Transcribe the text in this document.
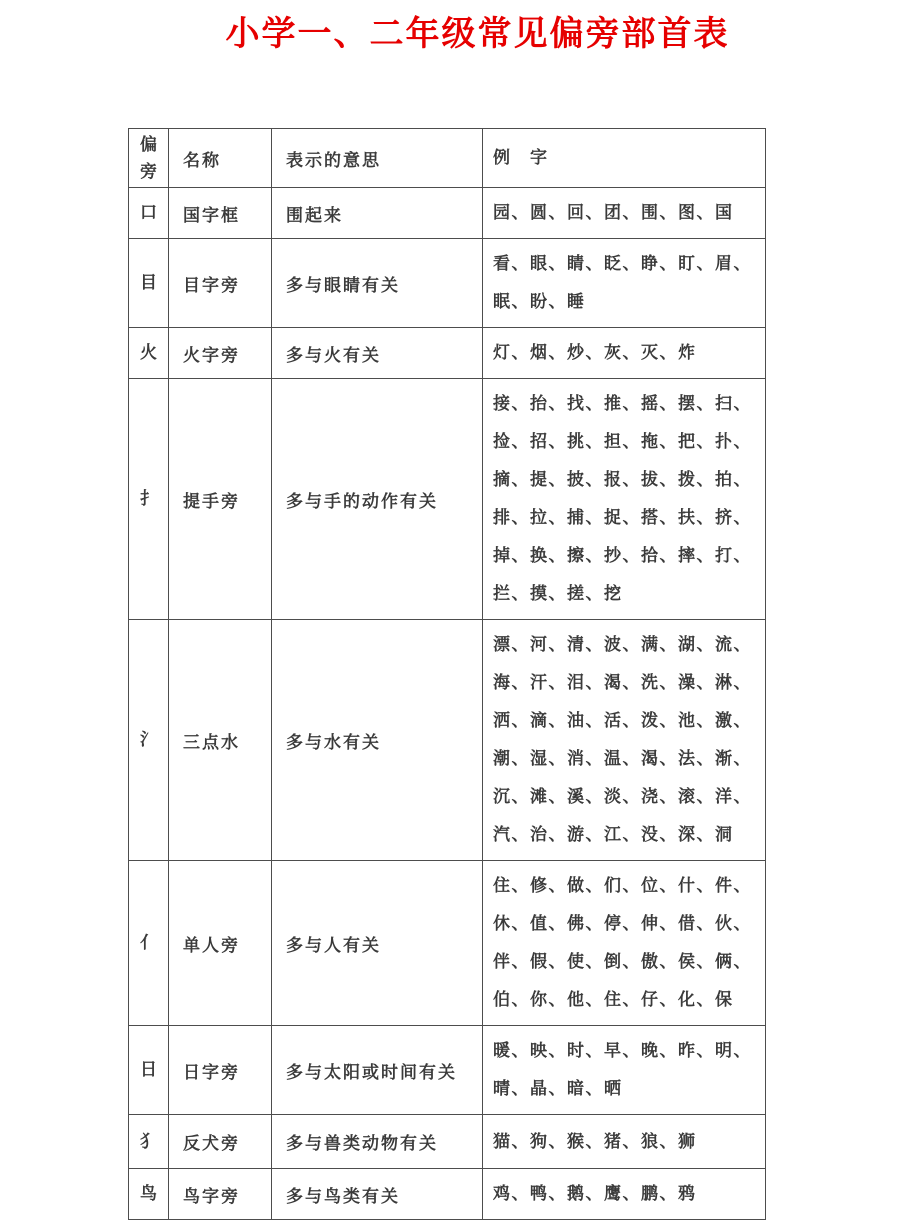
小学一、二年级常见偏旁部首表
偏旁	名称	表示的意思	例　字
口	国字框	围起来	园、圆、回、团、围、图、国
目	目字旁	多与眼睛有关	看、眼、睛、眨、睁、盯、眉、眠、盼、睡
火	火字旁	多与火有关	灯、烟、炒、灰、灭、炸
扌	提手旁	多与手的动作有关	接、抬、找、推、摇、摆、扫、捡、招、挑、担、拖、把、扑、摘、提、披、报、拔、拨、拍、排、拉、捕、捉、搭、扶、挤、掉、换、擦、抄、拾、摔、打、拦、摸、搓、挖
氵	三点水	多与水有关	漂、河、清、波、满、湖、流、海、汗、泪、渴、洗、澡、淋、洒、滴、油、活、泼、池、激、潮、湿、消、温、渴、法、渐、沉、滩、溪、淡、浇、滚、洋、汽、治、游、江、没、深、洞
亻	单人旁	多与人有关	住、修、做、们、位、什、件、休、值、佛、停、伸、借、伙、伴、假、使、倒、傲、侯、俩、伯、你、他、住、仔、化、保
日	日字旁	多与太阳或时间有关	暖、映、时、早、晚、昨、明、晴、晶、暗、晒
犭	反犬旁	多与兽类动物有关	猫、狗、猴、猪、狼、狮
鸟	鸟字旁	多与鸟类有关	鸡、鸭、鹅、鹰、鹏、鸦
